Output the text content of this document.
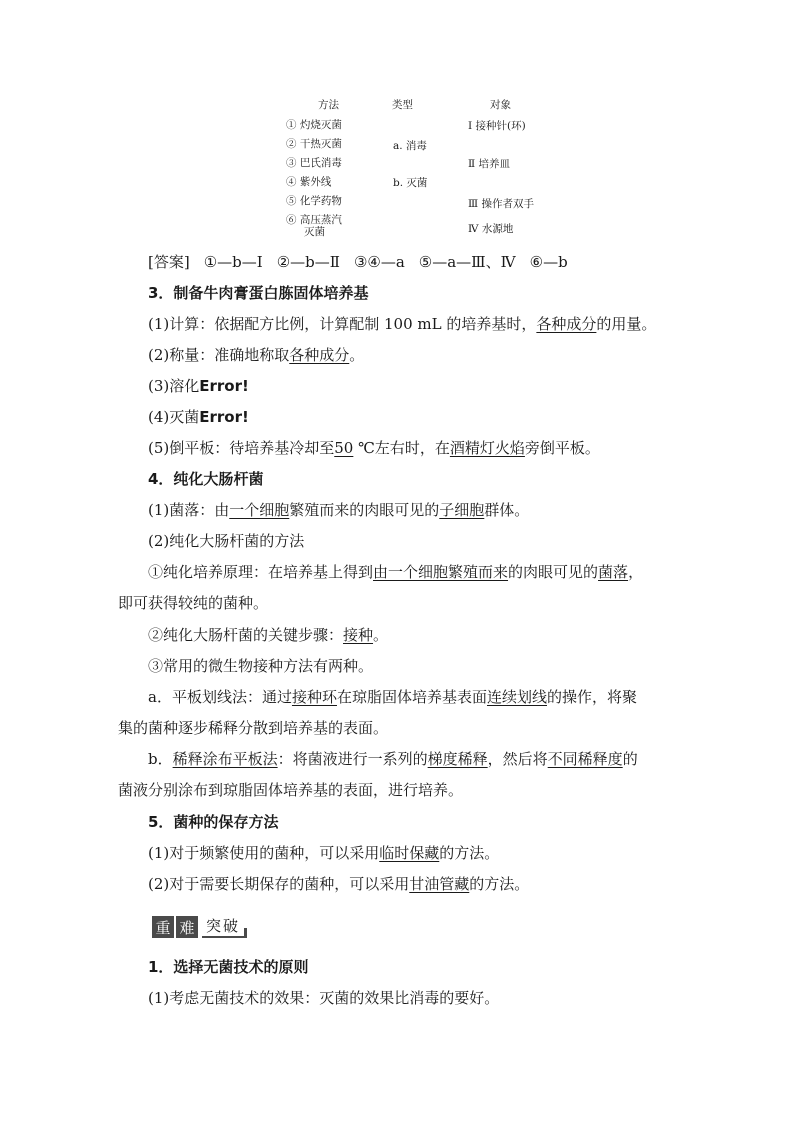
方法	类型	对象
① 灼烧灭菌
② 干热灭菌
③ 巴氏消毒
④ 紫外线
⑤ 化学药物
⑥ 高压蒸汽
灭菌
a. 消毒
b. 灭菌
Ⅰ 接种针(环)
Ⅱ 培养皿
Ⅲ 操作者双手
Ⅳ 水源地
[答案] ①—b—Ⅰ ②—b—Ⅱ ③④—a ⑤—a—Ⅲ、Ⅳ ⑥—b
3．制备牛肉膏蛋白胨固体培养基
(1)计算：依据配方比例，计算配制 100 mL 的培养基时，各种成分的用量。
(2)称量：准确地称取各种成分。
(3)溶化Error!
(4)灭菌Error!
(5)倒平板：待培养基冷却至50 ℃左右时，在酒精灯火焰旁倒平板。
4．纯化大肠杆菌
(1)菌落：由一个细胞繁殖而来的肉眼可见的子细胞群体。
(2)纯化大肠杆菌的方法
①纯化培养原理：在培养基上得到由一个细胞繁殖而来的肉眼可见的菌落，
即可获得较纯的菌种。
②纯化大肠杆菌的关键步骤：接种。
③常用的微生物接种方法有两种。
a．平板划线法：通过接种环在琼脂固体培养基表面连续划线的操作，将聚
集的菌种逐步稀释分散到培养基的表面。
b．稀释涂布平板法：将菌液进行一系列的梯度稀释，然后将不同稀释度的
菌液分别涂布到琼脂固体培养基的表面，进行培养。
5．菌种的保存方法
(1)对于频繁使用的菌种，可以采用临时保藏的方法。
(2)对于需要长期保存的菌种，可以采用甘油管藏的方法。
重 难 突破
1．选择无菌技术的原则
(1)考虑无菌技术的效果：灭菌的效果比消毒的要好。
